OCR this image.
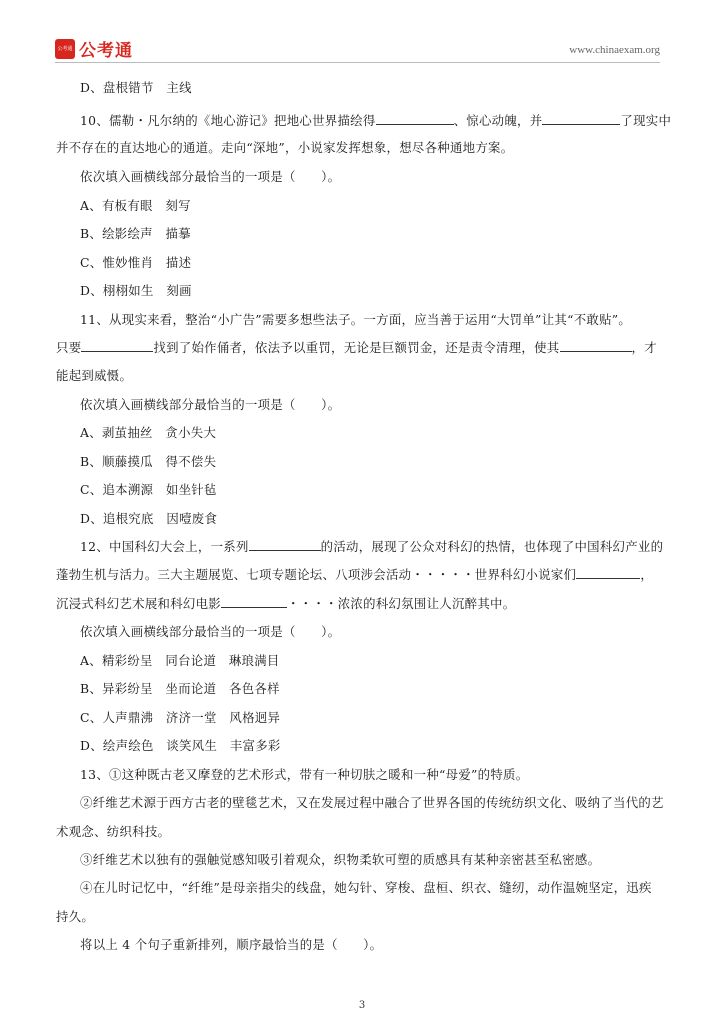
公考通 公考通	www.chinaexam.org
D、盘根错节　主线
10、儒勒・凡尔纳的《地心游记》把地心世界描绘得	、惊心动魄，并	了现实中
并不存在的直达地心的通道。走向“深地”，小说家发挥想象，想尽各种通地方案。
依次填入画横线部分最恰当的一项是（　　）。
A、有板有眼　刻写
B、绘影绘声　描摹
C、惟妙惟肖　描述
D、栩栩如生　刻画
11、从现实来看，整治“小广告”需要多想些法子。一方面，应当善于运用“大罚单”让其“不敢贴”。
只要	找到了始作俑者，依法予以重罚，无论是巨额罚金，还是责令清理，使其	，才
能起到威慑。
依次填入画横线部分最恰当的一项是（　　）。
A、剥茧抽丝　贪小失大
B、顺藤摸瓜　得不偿失
C、追本溯源　如坐针毡
D、追根究底　因噎废食
12、中国科幻大会上，一系列	的活动，展现了公众对科幻的热情，也体现了中国科幻产业的
蓬勃生机与活力。三大主题展览、七项专题论坛、八项涉会活动・・・・・世界科幻小说家们	，
沉浸式科幻艺术展和科幻电影	・・・・浓浓的科幻氛围让人沉醉其中。
依次填入画横线部分最恰当的一项是（　　）。
A、精彩纷呈　同台论道　琳琅满目
B、异彩纷呈　坐而论道　各色各样
C、人声鼎沸　济济一堂　风格迥异
D、绘声绘色　谈笑风生　丰富多彩
13、①这种既古老又摩登的艺术形式，带有一种切肤之暖和一种“母爱”的特质。
②纤维艺术源于西方古老的壁毯艺术，又在发展过程中融合了世界各国的传统纺织文化、吸纳了当代的艺
术观念、纺织科技。
③纤维艺术以独有的强触觉感知吸引着观众，织物柔软可塑的质感具有某种亲密甚至私密感。
④在儿时记忆中，“纤维”是母亲指尖的线盘，她勾针、穿梭、盘桓、织衣、缝纫，动作温婉坚定，迅疾
持久。
将以上 4 个句子重新排列，顺序最恰当的是（　　）。
3
